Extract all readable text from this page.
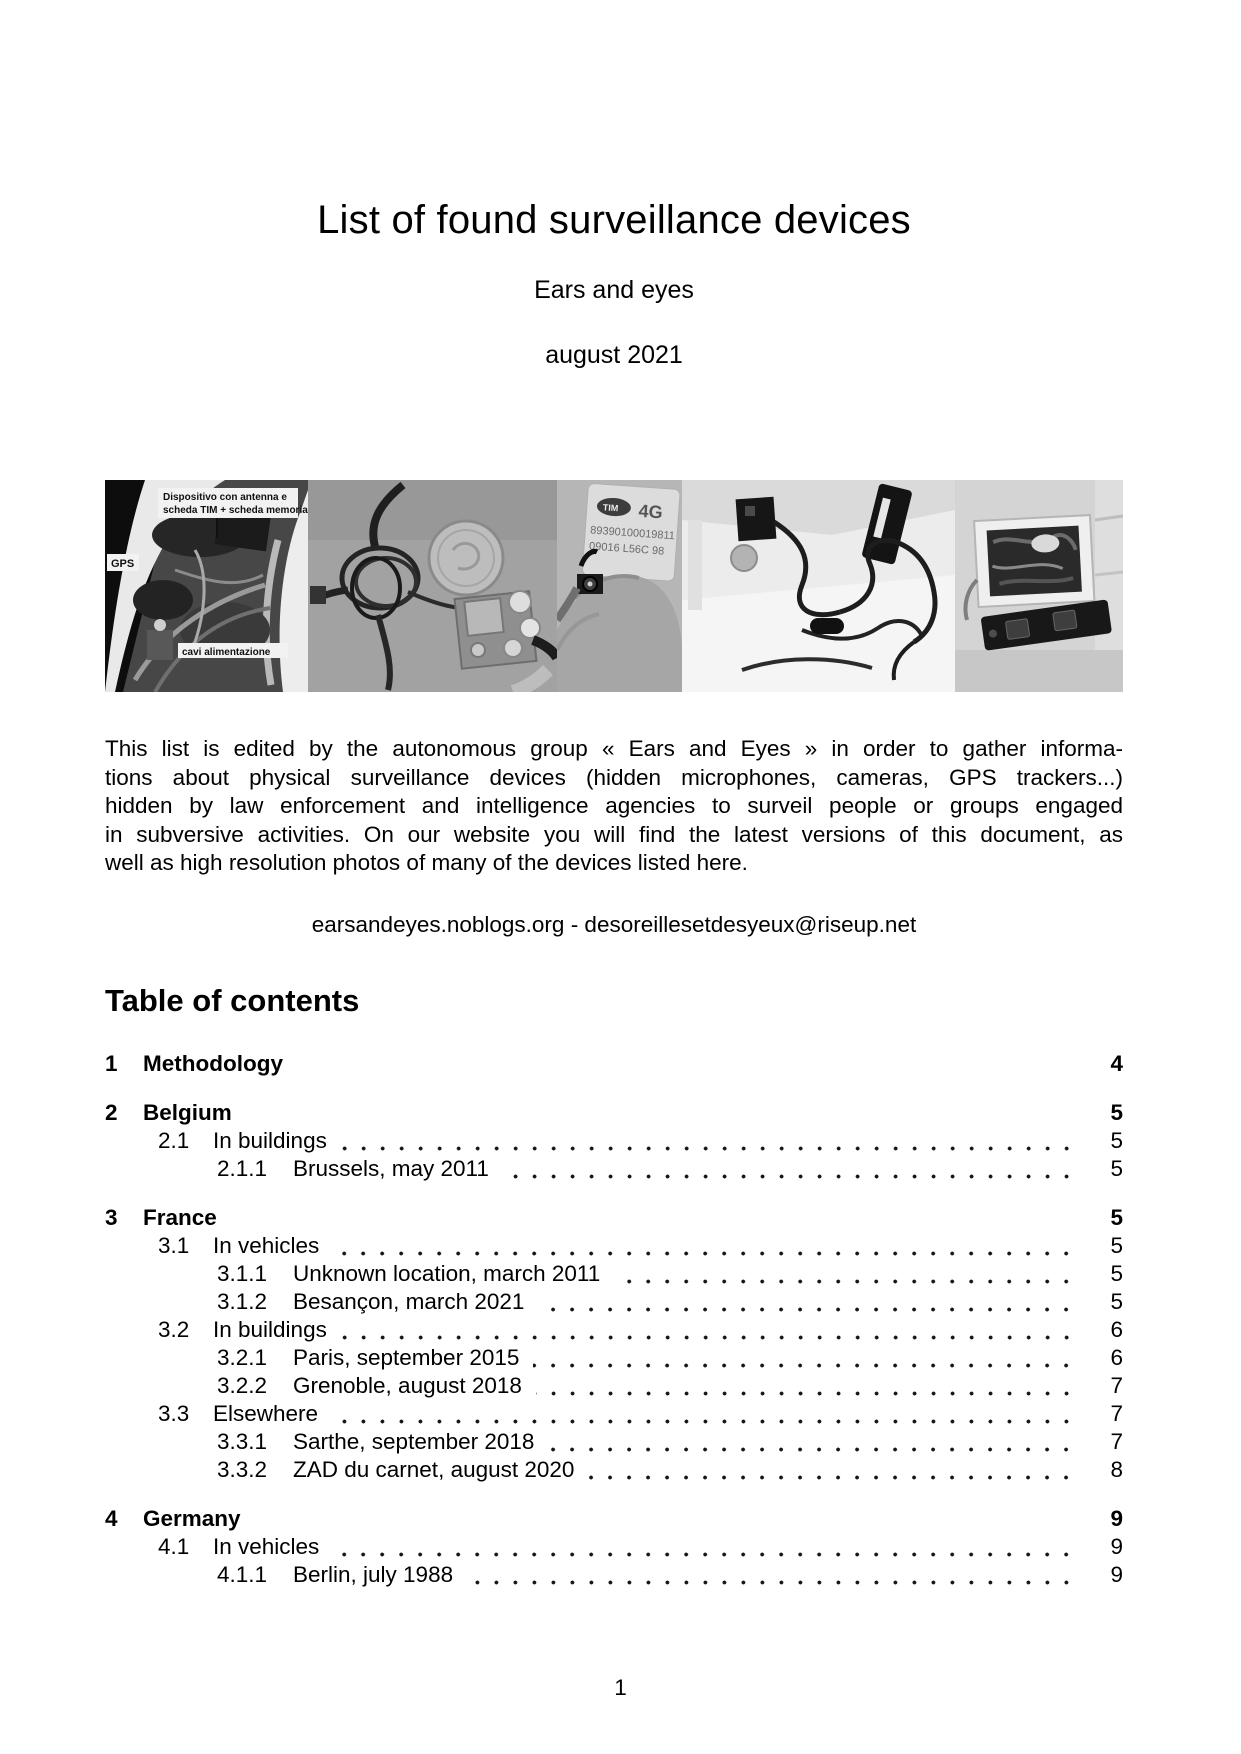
List of found surveillance devices
Ears and eyes
august 2021
Dispositivo con antenna e
scheda TIM + scheda memoria
GPS
cavi alimentazione
TIM 4G
89390100019811
09016 L56C 98
This list is edited by the autonomous group « Ears and Eyes » in order to gather informa-
tions about physical surveillance devices (hidden microphones, cameras, GPS trackers...)
hidden by law enforcement and intelligence agencies to surveil people or groups engaged
in subversive activities. On our website you will find the latest versions of this document, as
well as high resolution photos of many of the devices listed here.
earsandeyes.noblogs.org - desoreillesetdesyeux@riseup.net
Table of contents
1	Methodology	4
2	Belgium	5
2.1	In buildings	5
2.1.1	Brussels, may 2011	5
3	France	5
3.1	In vehicles	5
3.1.1	Unknown location, march 2011	5
3.1.2	Besançon, march 2021	5
3.2	In buildings	6
3.2.1	Paris, september 2015	6
3.2.2	Grenoble, august 2018	7
3.3	Elsewhere	7
3.3.1	Sarthe, september 2018	7
3.3.2	ZAD du carnet, august 2020	8
4	Germany	9
4.1	In vehicles	9
4.1.1	Berlin, july 1988	9
1
